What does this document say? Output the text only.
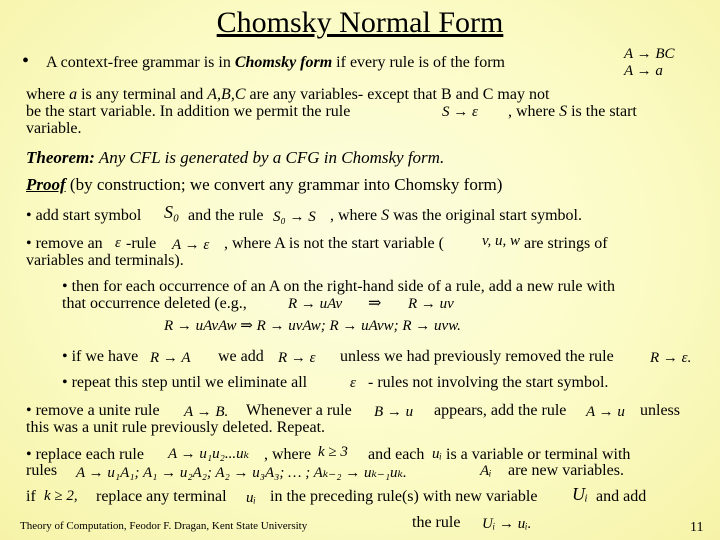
Chomsky Normal Form
• A context-free grammar is in Chomsky form if every rule is of the form	A → BC
A → a
where a is any terminal and A,B,C are any variables- except that B and C may not
be the start variable. In addition we permit the rule	S → ε , where S is the start
variable.
Theorem: Any CFL is generated by a CFG in Chomsky form.
Proof (by construction; we convert any grammar into Chomsky form)
• add start symbol S₀ and the rule S₀ → S , where S was the original start symbol.
• remove an ε -rule A → ε , where A is not the start variable (	v, u, w are strings of
variables and terminals).
• then for each occurrence of an A on the right-hand side of a rule, add a new rule with
that occurrence deleted (e.g.,	R → uAv ⇒ R → uv
R → uAvAw ⇒ R → uvAw; R → uAvw; R → uvw.
• if we have R → A we add R → ε unless we had previously removed the rule R → ε.
• repeat this step until we eliminate all	ε - rules not involving the start symbol.
• remove a unite rule A → B. Whenever a rule B → u appears, add the rule A → u unless
this was a unit rule previously deleted. Repeat.
• replace each rule A → u₁u₂...uₖ , where k ≥ 3 and each uᵢ is a variable or terminal with
rules A → u₁A₁; A₁ → u₂A₂; A₂ → u₃A₃; … ; Aₖ₋₂ → uₖ₋₁uₖ.	Aᵢ are new variables.
if k ≥ 2, replace any terminal uᵢ in the preceding rule(s) with new variable Uᵢ and add
the rule Uᵢ → uᵢ.
Theory of Computation, Feodor F. Dragan, Kent State University	11
